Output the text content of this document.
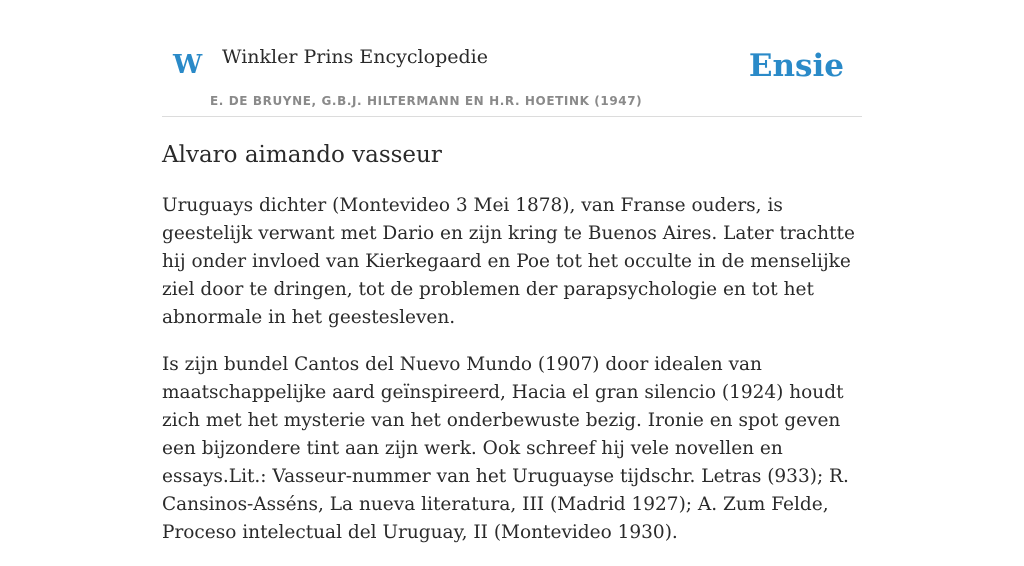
W Winkler Prins Encyclopedie
E. DE BRUYNE, G.B.J. HILTERMANN EN H.R. HOETINK (1947)
Ensie
Alvaro aimando vasseur

Uruguays dichter (Montevideo 3 Mei 1878), van Franse ouders, is geestelijk verwant met Dario en zijn kring te Buenos Aires. Later trachtte hij onder invloed van Kierkegaard en Poe tot het occulte in de menselijke ziel door te dringen, tot de problemen der parapsychologie en tot het abnormale in het geestesleven.

Is zijn bundel Cantos del Nuevo Mundo (1907) door idealen van maatschappelijke aard geïnspireerd, Hacia el gran silencio (1924) houdt zich met het mysterie van het onderbewuste bezig. Ironie en spot geven een bijzondere tint aan zijn werk. Ook schreef hij vele novellen en essays.Lit.: Vasseur-nummer van het Uruguayse tijdschr. Letras (933); R. Cansinos-Asséns, La nueva literatura, III (Madrid 1927); A. Zum Felde, Proceso intelectual del Uruguay, II (Montevideo 1930).
